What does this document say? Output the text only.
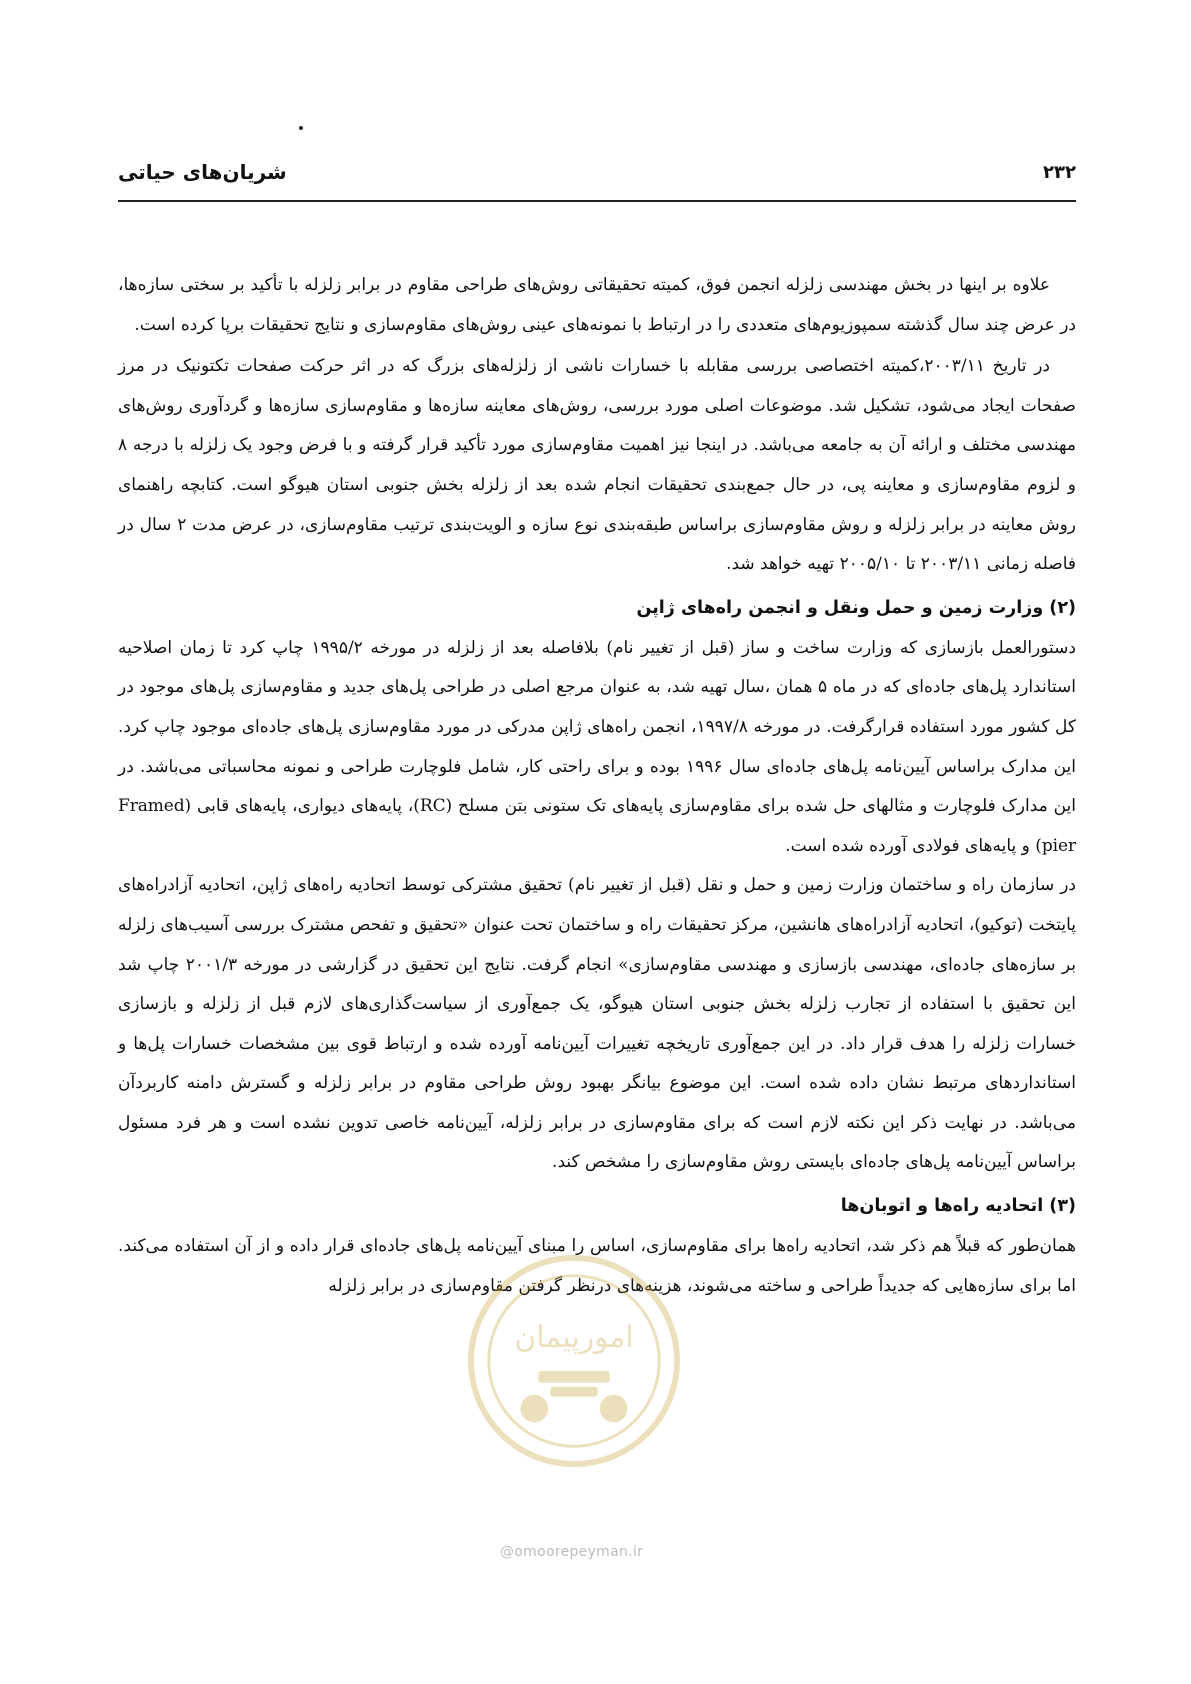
شریان‌های حیاتی	۲۳۲

علاوه بر اینها در بخش مهندسی زلزله انجمن فوق، کمیته تحقیقاتی روش‌های طراحی مقاوم در برابر زلزله با تأکید بر سختی سازه‌ها، در عرض چند سال گذشته سمپوزیوم‌های متعددی را در ارتباط با نمونه‌های عینی روش‌های مقاوم‌سازی و نتایج تحقیقات برپا کرده است.

در تاریخ ۲۰۰۳/۱۱،کمیته اختصاصی بررسی مقابله با خسارات ناشی از زلزله‌های بزرگ که در اثر حرکت صفحات تکتونیک در مرز صفحات ایجاد می‌شود، تشکیل شد. موضوعات اصلی مورد بررسی، روش‌های معاینه سازه‌ها و مقاوم‌سازی سازه‌ها و گردآوری روش‌های مهندسی مختلف و ارائه آن به جامعه می‌باشد. در اینجا نیز اهمیت مقاوم‌سازی مورد تأکید قرار گرفته و با فرض وجود یک زلزله با درجه ۸ و لزوم مقاوم‌سازی و معاینه پی، در حال جمع‌بندی تحقیقات انجام شده بعد از زلزله بخش جنوبی استان هیوگو است. کتابچه راهنمای روش معاینه در برابر زلزله و روش مقاوم‌سازی براساس طبقه‌بندی نوع سازه و الویت‌بندی ترتیب مقاوم‌سازی، در عرض مدت ۲ سال در فاصله زمانی ۲۰۰۳/۱۱ تا ۲۰۰۵/۱۰ تهیه خواهد شد.

(۲) وزارت زمین و حمل ونقل و انجمن راه‌های ژاپن

دستورالعمل بازسازی که وزارت ساخت و ساز (قبل از تغییر نام) بلافاصله بعد از زلزله در مورخه ۱۹۹۵/۲ چاپ کرد تا زمان اصلاحیه استاندارد پل‌های جاده‌ای که در ماه ۵ همان ،سال تهیه شد، به عنوان مرجع اصلی در طراحی پل‌های جدید و مقاوم‌سازی پل‌های موجود در کل کشور مورد استفاده قرارگرفت. در مورخه ۱۹۹۷/۸، انجمن راه‌های ژاپن مدرکی در مورد مقاوم‌سازی پل‌های جاده‌ای موجود چاپ کرد. این مدارک براساس آیین‌نامه پل‌های جاده‌ای سال ۱۹۹۶ بوده و برای راحتی کار، شامل فلوچارت طراحی و نمونه محاسباتی می‌باشد. در این مدارک فلوچارت و مثالهای حل شده برای مقاوم‌سازی پایه‌های تک ستونی بتن مسلح (RC)، پایه‌های دیواری، پایه‌های قابی (Framed pier) و پایه‌های فولادی آورده شده است.

در سازمان راه و ساختمان وزارت زمین و حمل و نقل (قبل از تغییر نام) تحقیق مشترکی توسط اتحادیه راه‌های ژاپن، اتحادیه آزادراه‌های پایتخت (توکیو)، اتحادیه آزادراه‌های هانشین، مرکز تحقیقات راه و ساختمان تحت عنوان «تحقیق و تفحص مشترک بررسی آسیب‌های زلزله بر سازه‌های جاده‌ای، مهندسی بازسازی و مهندسی مقاوم‌سازی» انجام گرفت. نتایج این تحقیق در گزارشی در مورخه ۲۰۰۱/۳ چاپ شد این تحقیق با استفاده از تجارب زلزله بخش جنوبی استان هیوگو، یک جمع‌آوری از سیاست‌گذاری‌های لازم قبل از زلزله و بازسازی خسارات زلزله را هدف قرار داد. در این جمع‌آوری تاریخچه تغییرات آیین‌نامه آورده شده و ارتباط قوی بین مشخصات خسارات پل‌ها و استانداردهای مرتبط نشان داده شده است. این موضوع بیانگر بهبود روش طراحی مقاوم در برابر زلزله و گسترش دامنه کاربردآن می‌باشد. در نهایت ذکر این نکته لازم است که برای مقاوم‌سازی در برابر زلزله، آیین‌نامه خاصی تدوین نشده است و هر فرد مسئول براساس آیین‌نامه پل‌های جاده‌ای بایستی روش مقاوم‌سازی را مشخص کند.

(۳) اتحادیه راه‌ها و اتوبان‌ها

همان‌طور که قبلاً هم ذکر شد، اتحادیه راه‌ها برای مقاوم‌سازی، اساس را مبنای آیین‌نامه پل‌های جاده‌ای قرار داده و از آن استفاده می‌کند. اما برای سازه‌هایی که جدیداً طراحی و ساخته می‌شوند، هزینه‌های درنظر گرفتن مقاوم‌سازی در برابر زلزله

امورپیمان
@omoorepeyman.ir
